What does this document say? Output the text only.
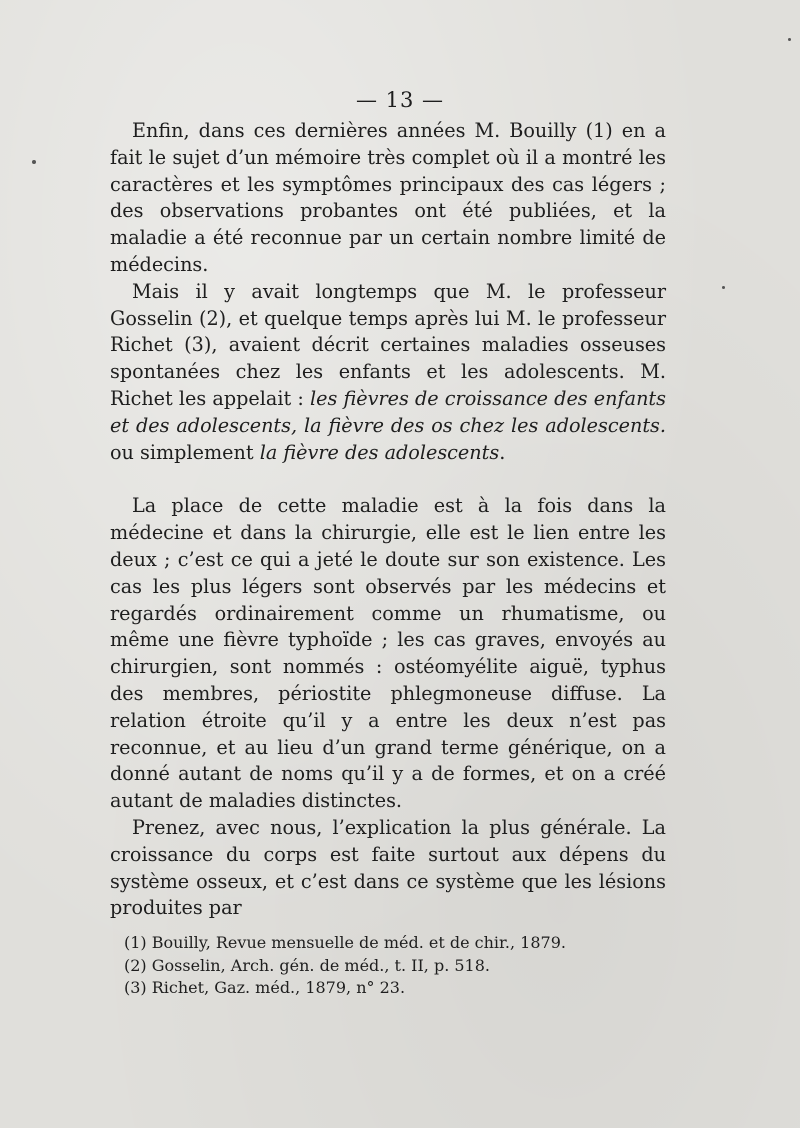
— 13 —

Enfin, dans ces dernières années M. Bouilly (1) en a fait le sujet d’un mémoire très complet où il a montré les caractères et les symptômes principaux des cas légers ; des observations probantes ont été publiées, et la maladie a été reconnue par un certain nombre limité de médecins.

Mais il y avait longtemps que M. le professeur Gosselin (2), et quelque temps après lui M. le professeur Richet (3), avaient décrit certaines maladies osseuses spontanées chez les enfants et les adolescents. M. Richet les appelait : les fièvres de croissance des enfants et des adolescents, la fièvre des os chez les adolescents. ou simplement la fièvre des adolescents.

La place de cette maladie est à la fois dans la médecine et dans la chirurgie, elle est le lien entre les deux ; c’est ce qui a jeté le doute sur son existence. Les cas les plus légers sont observés par les médecins et regardés ordinairement comme un rhumatisme, ou même une fièvre typhoïde ; les cas graves, envoyés au chirurgien, sont nommés : ostéomyélite aiguë, typhus des membres, périostite phlegmoneuse diffuse. La relation étroite qu’il y a entre les deux n’est pas reconnue, et au lieu d’un grand terme générique, on a donné autant de noms qu’il y a de formes, et on a créé autant de maladies distinctes.

Prenez, avec nous, l’explication la plus générale. La croissance du corps est faite surtout aux dépens du système osseux, et c’est dans ce système que les lésions produites par

(1) Bouilly, Revue mensuelle de méd. et de chir., 1879.
(2) Gosselin, Arch. gén. de méd., t. II, p. 518.
(3) Richet, Gaz. méd., 1879, n° 23.
